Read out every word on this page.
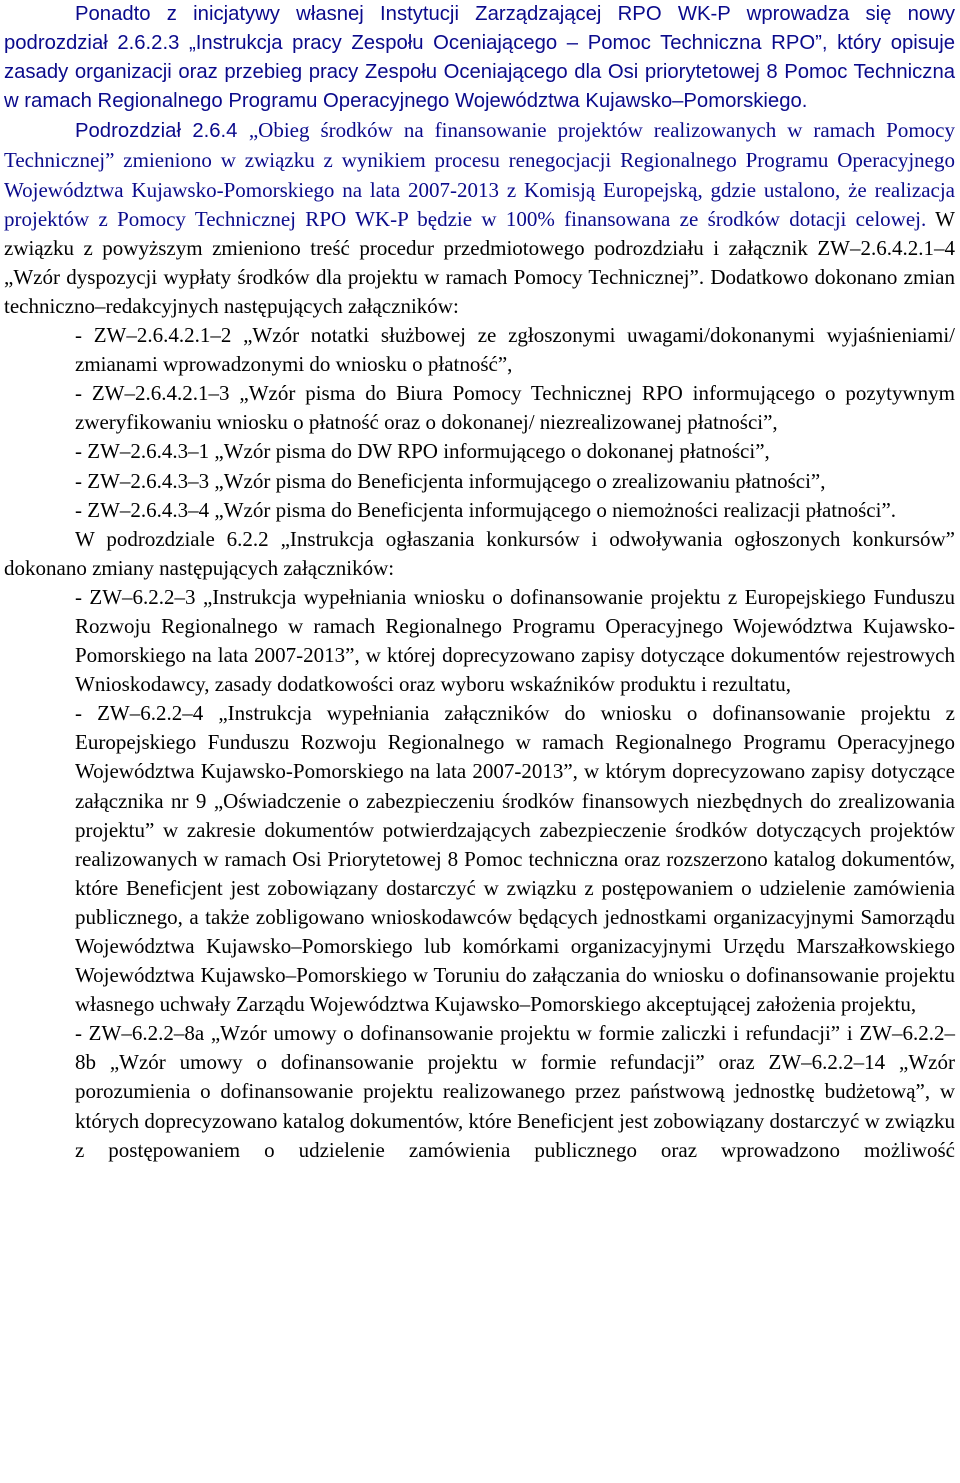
Ponadto z inicjatywy własnej Instytucji Zarządzającej RPO WK-P wprowadza się nowy podrozdział 2.6.2.3 „Instrukcja pracy Zespołu Oceniającego – Pomoc Techniczna RPO”, który opisuje zasady organizacji oraz przebieg pracy Zespołu Oceniającego dla Osi priorytetowej 8 Pomoc Techniczna w ramach Regionalnego Programu Operacyjnego Województwa Kujawsko–Pomorskiego.

Podrozdział 2.6.4 „Obieg środków na finansowanie projektów realizowanych w ramach Pomocy Technicznej” zmieniono w związku z wynikiem procesu renegocjacji Regionalnego Programu Operacyjnego Województwa Kujawsko-Pomorskiego na lata 2007-2013 z Komisją Europejską, gdzie ustalono, że realizacja projektów z Pomocy Technicznej RPO WK-P będzie w 100% finansowana ze środków dotacji celowej. W związku z powyższym zmieniono treść procedur przedmiotowego podrozdziału i załącznik ZW–2.6.4.2.1–4 „Wzór dyspozycji wypłaty środków dla projektu w ramach Pomocy Technicznej”. Dodatkowo dokonano zmian techniczno–redakcyjnych następujących załączników:

- ZW–2.6.4.2.1–2 „Wzór notatki służbowej ze zgłoszonymi uwagami/dokonanymi wyjaśnieniami/ zmianami wprowadzonymi do wniosku o płatność”,

- ZW–2.6.4.2.1–3 „Wzór pisma do Biura Pomocy Technicznej RPO informującego o pozytywnym zweryfikowaniu wniosku o płatność oraz o dokonanej/ niezrealizowanej płatności”,

- ZW–2.6.4.3–1 „Wzór pisma do DW RPO informującego o dokonanej płatności”,

- ZW–2.6.4.3–3 „Wzór pisma do Beneficjenta informującego o zrealizowaniu płatności”,

- ZW–2.6.4.3–4 „Wzór pisma do Beneficjenta informującego o niemożności realizacji płatności”.

W podrozdziale 6.2.2 „Instrukcja ogłaszania konkursów i odwoływania ogłoszonych konkursów” dokonano zmiany następujących załączników:

- ZW–6.2.2–3 „Instrukcja wypełniania wniosku o dofinansowanie projektu z Europejskiego Funduszu Rozwoju Regionalnego w ramach Regionalnego Programu Operacyjnego Województwa Kujawsko-Pomorskiego na lata 2007-2013”, w której doprecyzowano zapisy dotyczące dokumentów rejestrowych Wnioskodawcy, zasady dodatkowości oraz wyboru wskaźników produktu i rezultatu,

- ZW–6.2.2–4 „Instrukcja wypełniania załączników do wniosku o dofinansowanie projektu z Europejskiego Funduszu Rozwoju Regionalnego w ramach Regionalnego Programu Operacyjnego Województwa Kujawsko-Pomorskiego na lata 2007-2013”, w którym doprecyzowano zapisy dotyczące załącznika nr 9 „Oświadczenie o zabezpieczeniu środków finansowych niezbędnych do zrealizowania projektu” w zakresie dokumentów potwierdzających zabezpieczenie środków dotyczących projektów realizowanych w ramach Osi Priorytetowej 8 Pomoc techniczna oraz rozszerzono katalog dokumentów, które Beneficjent jest zobowiązany dostarczyć w związku z postępowaniem o udzielenie zamówienia publicznego, a także zobligowano wnioskodawców będących jednostkami organizacyjnymi Samorządu Województwa Kujawsko–Pomorskiego lub komórkami organizacyjnymi Urzędu Marszałkowskiego Województwa Kujawsko–Pomorskiego w Toruniu do załączania do wniosku o dofinansowanie projektu własnego uchwały Zarządu Województwa Kujawsko–Pomorskiego akceptującej założenia projektu,

- ZW–6.2.2–8a „Wzór umowy o dofinansowanie projektu w formie zaliczki i refundacji” i ZW–6.2.2–8b „Wzór umowy o dofinansowanie projektu w formie refundacji” oraz ZW–6.2.2–14 „Wzór porozumienia o dofinansowanie projektu realizowanego przez państwową jednostkę budżetową”, w których doprecyzowano katalog dokumentów, które Beneficjent jest zobowiązany dostarczyć w związku z postępowaniem o udzielenie zamówienia publicznego oraz wprowadzono możliwość
